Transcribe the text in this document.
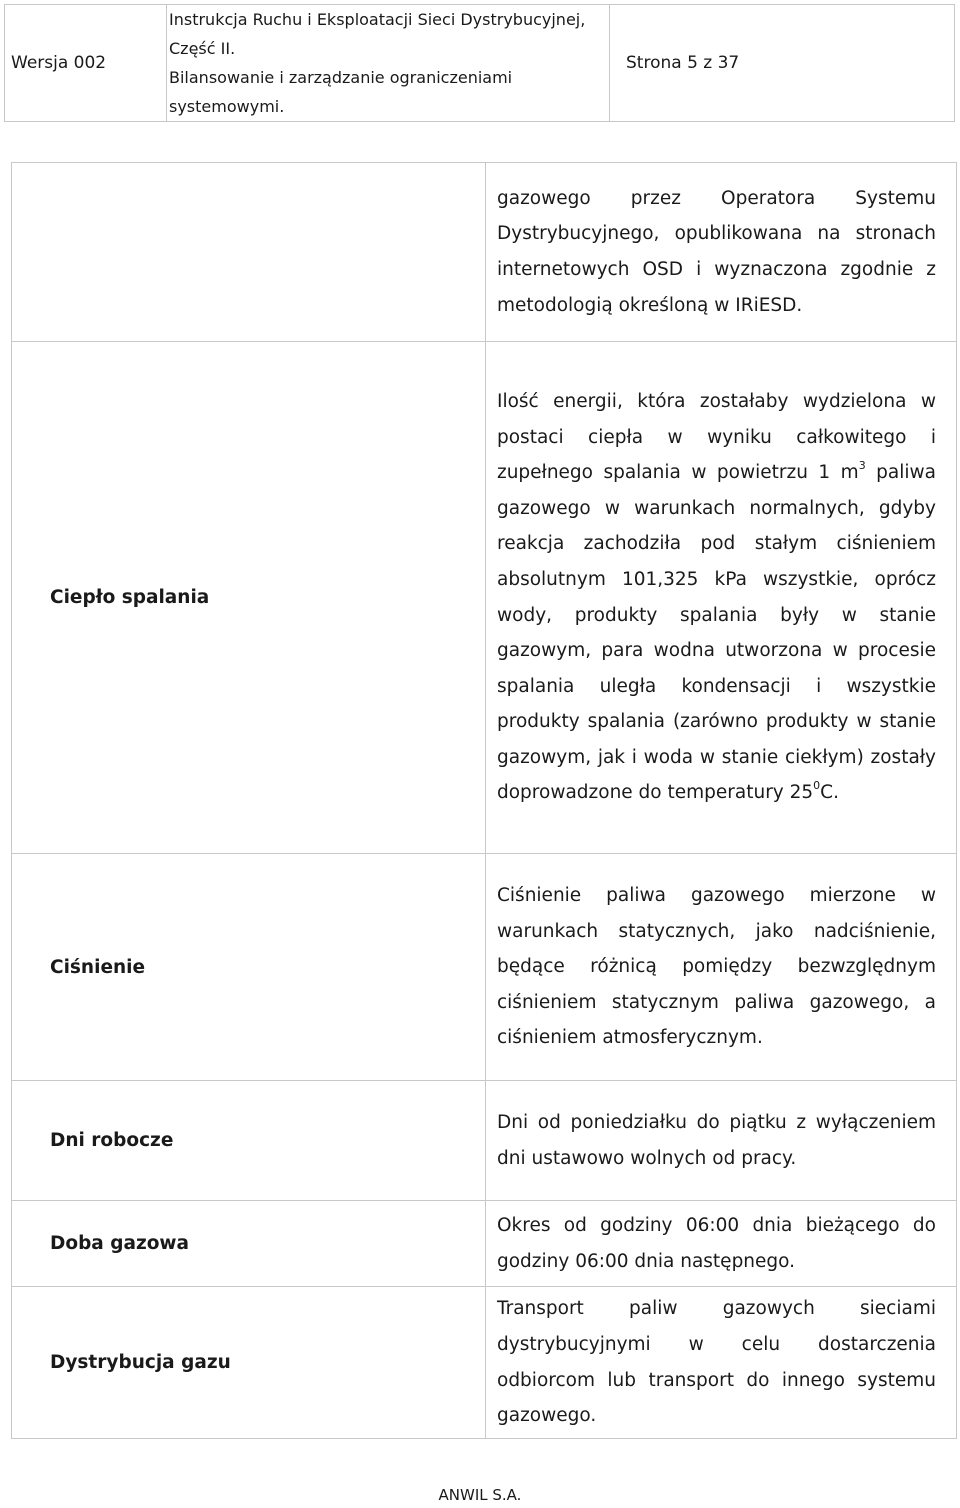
Wersja 002	
Instrukcja Ruchu i Eksploatacji Sieci Dystrybucyjnej, Część II.
Bilansowanie i zarządzanie ograniczeniami systemowymi.
	Strona 5 z 37
	gazowego przez Operatora Systemu Dystrybucyjnego, opublikowana na stronach internetowych OSD i wyznaczona zgodnie z metodologią określoną w IRiESD.
Ciepło spalania	Ilość energii, która zostałaby wydzielona w postaci ciepła w wyniku całkowitego i zupełnego spalania w powietrzu 1 $m^3$ paliwa gazowego w warunkach normalnych, gdyby reakcja zachodziła pod stałym ciśnieniem absolutnym 101,325 kPa wszystkie, oprócz wody, produkty spalania były w stanie gazowym, para wodna utworzona w procesie spalania uległa kondensacji i wszystkie produkty spalania (zarówno produkty w stanie gazowym, jak i woda w stanie ciekłym) zostały doprowadzone do temperatury $25^0C$.
Ciśnienie	Ciśnienie paliwa gazowego mierzone w warunkach statycznych, jako nadciśnienie, będące różnicą pomiędzy bezwzględnym ciśnieniem statycznym paliwa gazowego, a ciśnieniem atmosferycznym.
Dni robocze	Dni od poniedziałku do piątku z wyłączeniem dni ustawowo wolnych od pracy.
Doba gazowa	Okres od godziny 06:00 dnia bieżącego do godziny 06:00 dnia następnego.
Dystrybucja gazu	Transport paliw gazowych sieciami dystrybucyjnymi w celu dostarczenia odbiorcom lub transport do innego systemu gazowego.
ANWIL S.A.
